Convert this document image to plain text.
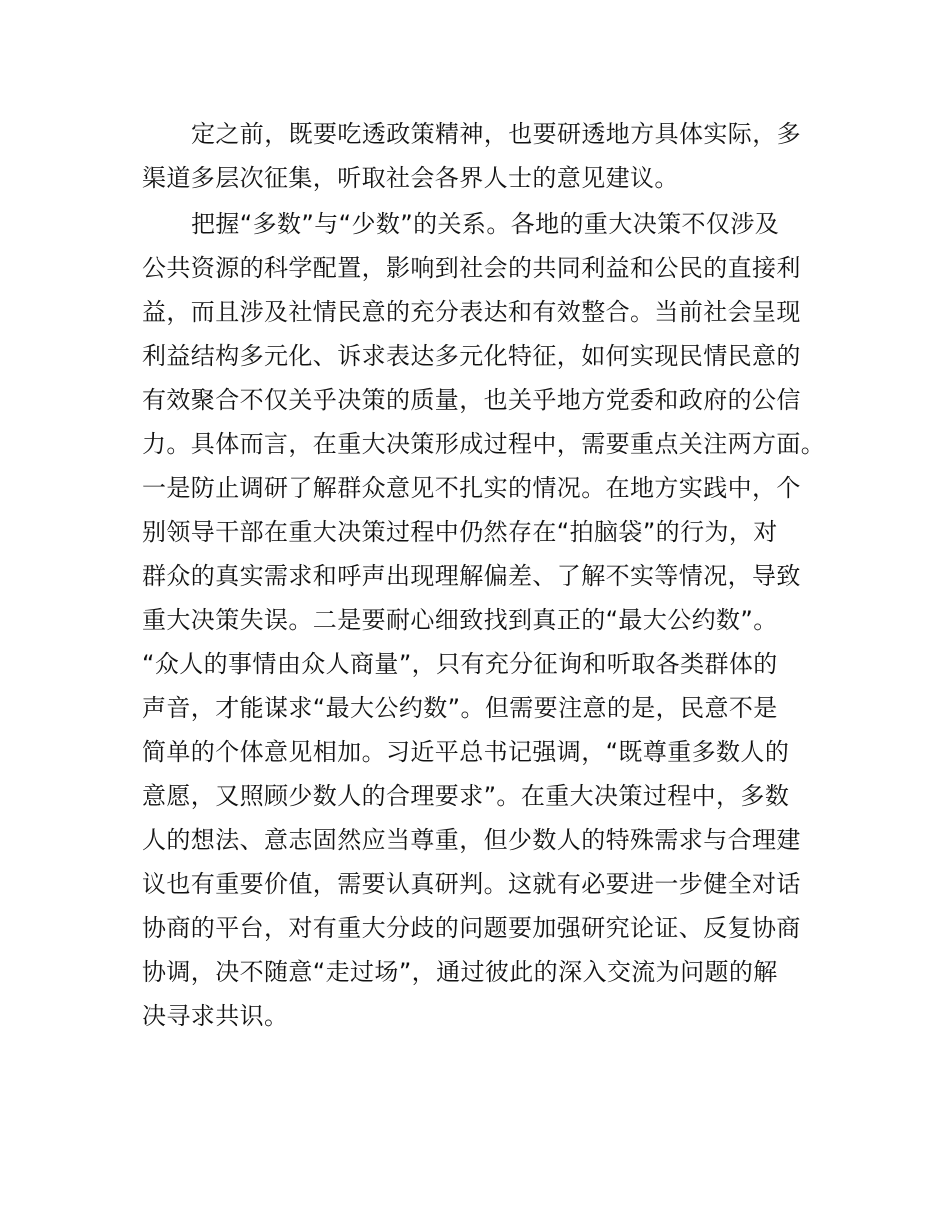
定之前，既要吃透政策精神，也要研透地方具体实际，多
渠道多层次征集，听取社会各界人士的意见建议。
把握“多数”与“少数”的关系。各地的重大决策不仅涉及
公共资源的科学配置，影响到社会的共同利益和公民的直接利
益，而且涉及社情民意的充分表达和有效整合。当前社会呈现
利益结构多元化、诉求表达多元化特征，如何实现民情民意的
有效聚合不仅关乎决策的质量，也关乎地方党委和政府的公信
力。具体而言，在重大决策形成过程中，需要重点关注两方面。
一是防止调研了解群众意见不扎实的情况。在地方实践中，个
别领导干部在重大决策过程中仍然存在“拍脑袋”的行为，对
群众的真实需求和呼声出现理解偏差、了解不实等情况，导致
重大决策失误。二是要耐心细致找到真正的“最大公约数”。
“众人的事情由众人商量”，只有充分征询和听取各类群体的
声音，才能谋求“最大公约数”。但需要注意的是，民意不是
简单的个体意见相加。习近平总书记强调，“既尊重多数人的
意愿，又照顾少数人的合理要求”。在重大决策过程中，多数
人的想法、意志固然应当尊重，但少数人的特殊需求与合理建
议也有重要价值，需要认真研判。这就有必要进一步健全对话
协商的平台，对有重大分歧的问题要加强研究论证、反复协商
协调，决不随意“走过场”，通过彼此的深入交流为问题的解
决寻求共识。
